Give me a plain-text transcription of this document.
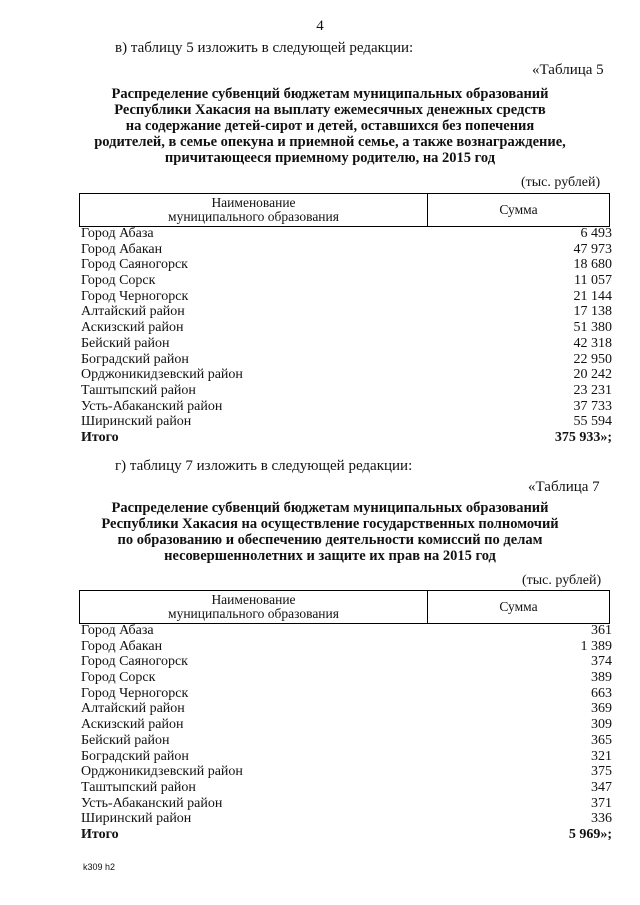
4
в) таблицу 5 изложить в следующей редакции:
«Таблица 5
Распределение субвенций бюджетам муниципальных образований
Республики Хакасия на выплату ежемесячных денежных средств
на содержание детей-сирот и детей, оставшихся без попечения
родителей, в семье опекуна и приемной семье, а также вознаграждение,
причитающееся приемному родителю, на 2015 год
(тыс. рублей)
Наименование
муниципального образования	Сумма
Город Абаза	6 493
Город Абакан	47 973
Город Саяногорск	18 680
Город Сорск	11 057
Город Черногорск	21 144
Алтайский район	17 138
Аскизский район	51 380
Бейский район	42 318
Боградский район	22 950
Орджоникидзевский район	20 242
Таштыпский район	23 231
Усть-Абаканский район	37 733
Ширинский район	55 594
Итого	375 933»;
г) таблицу 7 изложить в следующей редакции:
«Таблица 7
Распределение субвенций бюджетам муниципальных образований
Республики Хакасия на осуществление государственных полномочий
по образованию и обеспечению деятельности комиссий по делам
несовершеннолетних и защите их прав на 2015 год
(тыс. рублей)
Наименование
муниципального образования	Сумма
Город Абаза	361
Город Абакан	1 389
Город Саяногорск	374
Город Сорск	389
Город Черногорск	663
Алтайский район	369
Аскизский район	309
Бейский район	365
Боградский район	321
Орджоникидзевский район	375
Таштыпский район	347
Усть-Абаканский район	371
Ширинский район	336
Итого	5 969»;
k309 h2
